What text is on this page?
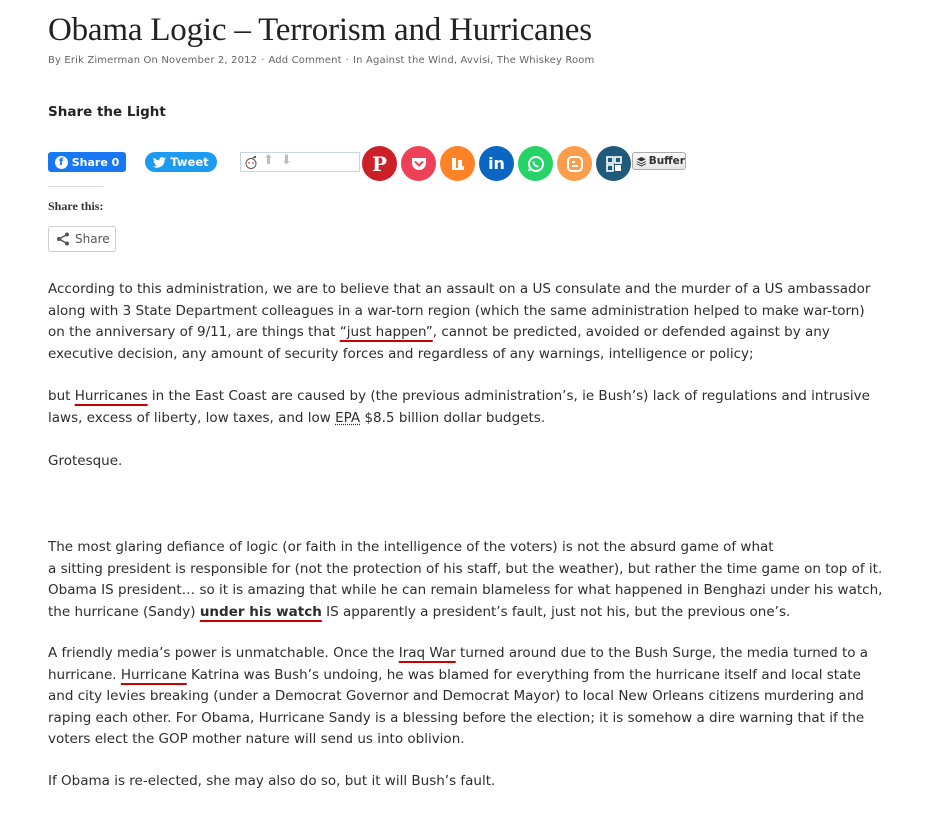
Obama Logic – Terrorism and Hurricanes
By Erik Zimerman On November 2, 2012 · Add Comment · In Against the Wind, Avvisi, The Whiskey Room
Share the Light
f Share 0	Tweet	⬆ ⬇	P	in	Buffer
Share this:
Share

According to this administration, we are to believe that an assault on a US consulate and the murder of a US ambassador
along with 3 State Department colleagues in a war-torn region (which the same administration helped to make war-torn)
on the anniversary of 9/11, are things that “just happen”, cannot be predicted, avoided or defended against by any
executive decision, any amount of security forces and regardless of any warnings, intelligence or policy;

but Hurricanes in the East Coast are caused by (the previous administration’s, ie Bush’s) lack of regulations and intrusive
laws, excess of liberty, low taxes, and low EPA $8.5 billion dollar budgets.

Grotesque.

The most glaring defiance of logic (or faith in the intelligence of the voters) is not the absurd game of what
a sitting president is responsible for (not the protection of his staff, but the weather), but rather the time game on top of it.
Obama IS president… so it is amazing that while he can remain blameless for what happened in Benghazi under his watch,
the hurricane (Sandy) under his watch IS apparently a president’s fault, just not his, but the previous one’s.

A friendly media’s power is unmatchable. Once the Iraq War turned around due to the Bush Surge, the media turned to a
hurricane. Hurricane Katrina was Bush’s undoing, he was blamed for everything from the hurricane itself and local state
and city levies breaking (under a Democrat Governor and Democrat Mayor) to local New Orleans citizens murdering and
raping each other. For Obama, Hurricane Sandy is a blessing before the election; it is somehow a dire warning that if the
voters elect the GOP mother nature will send us into oblivion.

If Obama is re-elected, she may also do so, but it will Bush’s fault.
